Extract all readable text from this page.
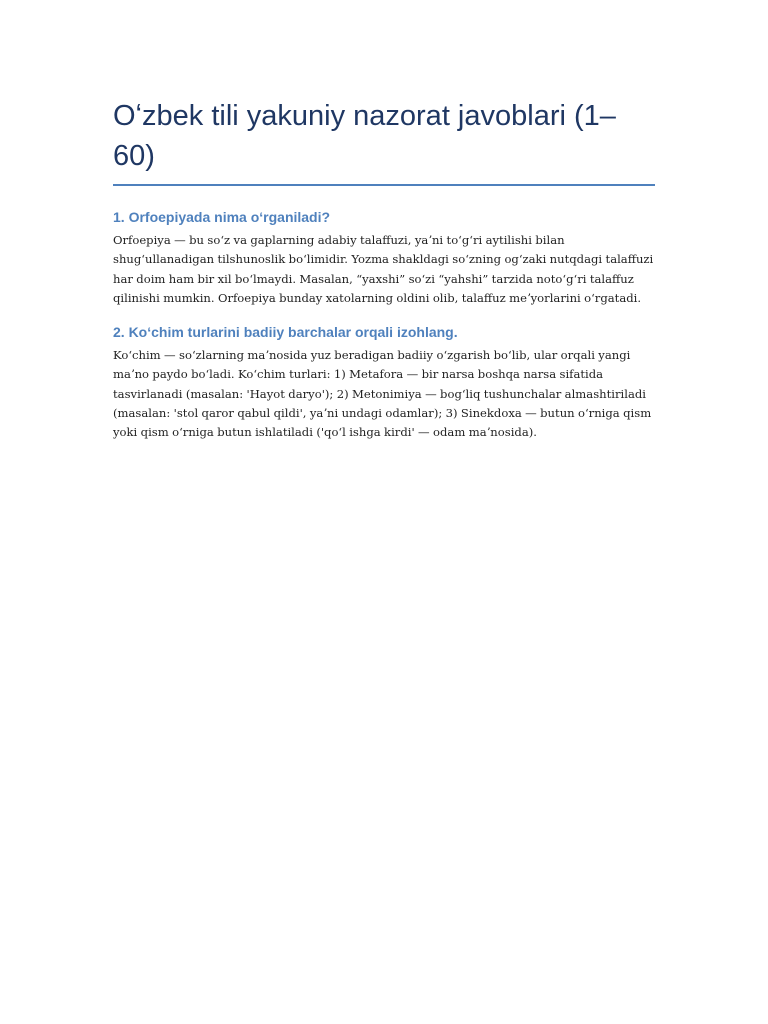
Oʻzbek tili yakuniy nazorat javoblari (1–60)
1. Orfoepiyada nima oʻrganiladi?

Orfoepiya — bu soʻz va gaplarning adabiy talaffuzi, yaʼni toʻgʻri aytilishi bilan shugʻullanadigan tilshunoslik boʻlimidir. Yozma shakldagi soʻzning ogʻzaki nutqdagi talaffuzi har doim ham bir xil boʻlmaydi. Masalan, “yaxshi” soʻzi “yahshi” tarzida notoʻgʻri talaffuz qilinishi mumkin. Orfoepiya bunday xatolarning oldini olib, talaffuz meʼyorlarini oʻrgatadi.

2. Koʻchim turlarini badiiy barchalar orqali izohlang.

Koʻchim — soʻzlarning maʼnosida yuz beradigan badiiy oʻzgarish boʻlib, ular orqali yangi maʼno paydo boʻladi. Koʻchim turlari: 1) Metafora — bir narsa boshqa narsa sifatida tasvirlanadi (masalan: 'Hayot daryo'); 2) Metonimiya — bogʻliq tushunchalar almashtiriladi (masalan: 'stol qaror qabul qildi', yaʼni undagi odamlar); 3) Sinekdoxa — butun oʻrniga qism yoki qism oʻrniga butun ishlatiladi ('qoʻl ishga kirdi' — odam maʼnosida).
